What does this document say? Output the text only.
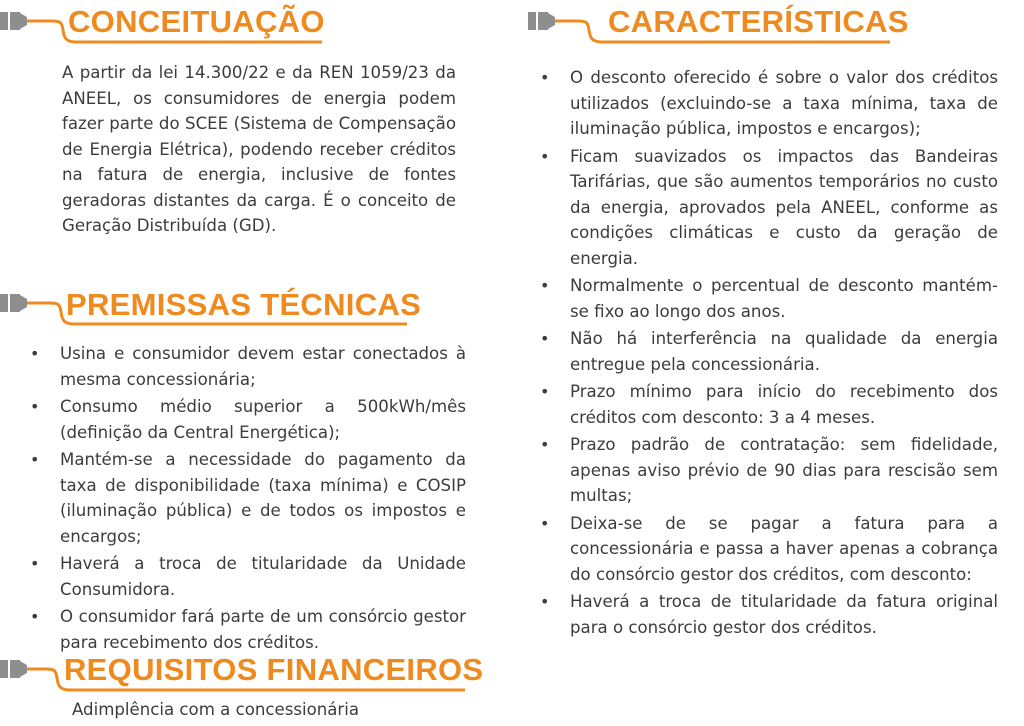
CONCEITUAÇÃO
A partir da lei 14.300/22 e da REN 1059/23 da ANEEL, os consumidores de energia podem fazer parte do SCEE (Sistema de Compensação de Energia Elétrica), podendo receber créditos na fatura de energia, inclusive de fontes geradoras distantes da carga. É o conceito de Geração Distribuída (GD).
PREMISSAS TÉCNICAS
• Usina e consumidor devem estar conectados à mesma concessionária;
• Consumo médio superior a 500kWh/mês (definição da Central Energética);
• Mantém-se a necessidade do pagamento da taxa de disponibilidade (taxa mínima) e COSIP (iluminação pública) e de todos os impostos e encargos;
• Haverá a troca de titularidade da Unidade Consumidora.
• O consumidor fará parte de um consórcio gestor para recebimento dos créditos.
REQUISITOS FINANCEIROS
Adimplência com a concessionária
CARACTERÍSTICAS
• O desconto oferecido é sobre o valor dos créditos utilizados (excluindo-se a taxa mínima, taxa de iluminação pública, impostos e encargos);
• Ficam suavizados os impactos das Bandeiras Tarifárias, que são aumentos temporários no custo da energia, aprovados pela ANEEL, conforme as condições climáticas e custo da geração de energia.
• Normalmente o percentual de desconto mantém-se fixo ao longo dos anos.
• Não há interferência na qualidade da energia entregue pela concessionária.
• Prazo mínimo para início do recebimento dos créditos com desconto: 3 a 4 meses.
• Prazo padrão de contratação: sem fidelidade, apenas aviso prévio de 90 dias para rescisão sem multas;
• Deixa-se de se pagar a fatura para a concessionária e passa a haver apenas a cobrança do consórcio gestor dos créditos, com desconto:
• Haverá a troca de titularidade da fatura original para o consórcio gestor dos créditos.
